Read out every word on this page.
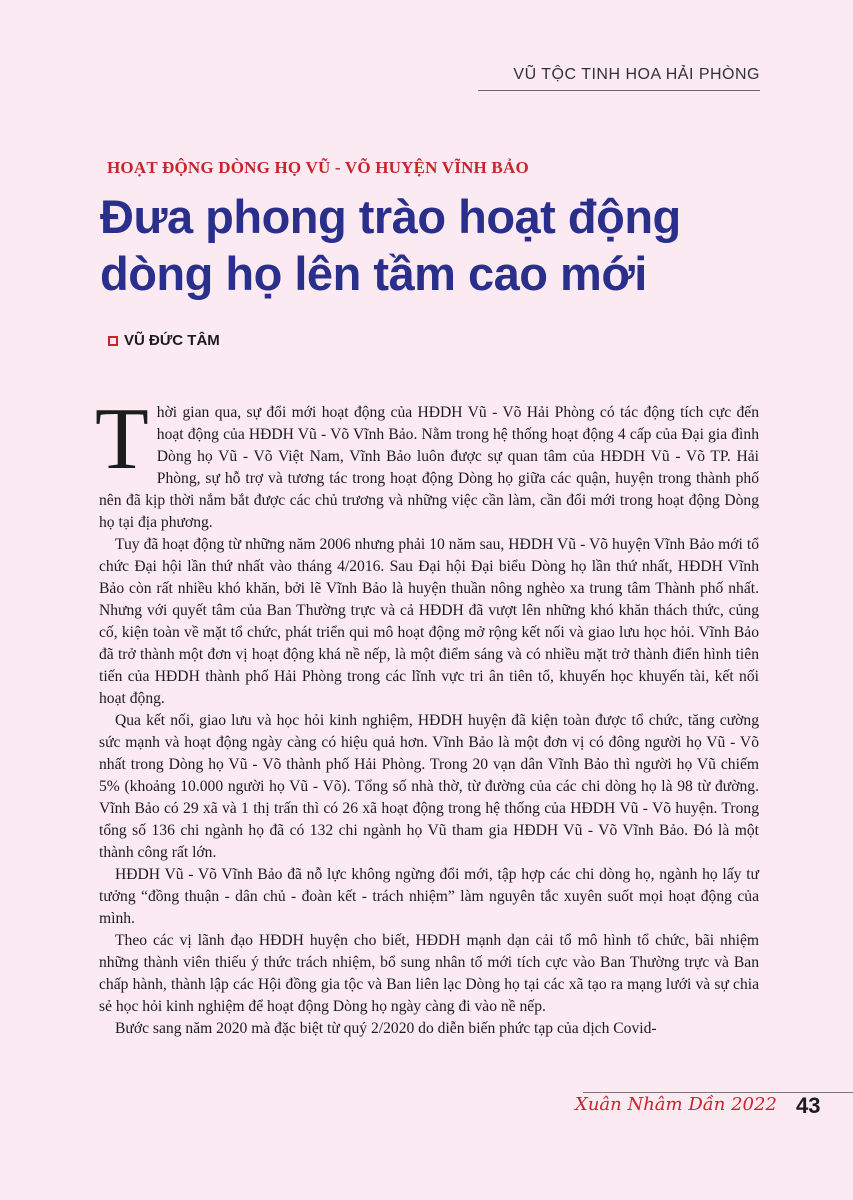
VŨ TỘC TINH HOA HẢI PHÒNG
HOẠT ĐỘNG DÒNG HỌ VŨ - VÕ HUYỆN VĨNH BẢO
Đưa phong trào hoạt động
dòng họ lên tầm cao mới
VŨ ĐỨC TÂM

Thời gian qua, sự đổi mới hoạt động của HĐDH Vũ - Võ Hải Phòng có tác động tích cực đến hoạt động của HĐDH Vũ - Võ Vĩnh Bảo. Nằm trong hệ thống hoạt động 4 cấp của Đại gia đình Dòng họ Vũ - Võ Việt Nam, Vĩnh Bảo luôn được sự quan tâm của HĐDH Vũ - Võ TP. Hải Phòng, sự hỗ trợ và tương tác trong hoạt động Dòng họ giữa các quận, huyện trong thành phố nên đã kịp thời nắm bắt được các chủ trương và những việc cần làm, cần đổi mới trong hoạt động Dòng họ tại địa phương.

Tuy đã hoạt động từ những năm 2006 nhưng phải 10 năm sau, HĐDH Vũ - Võ huyện Vĩnh Bảo mới tổ chức Đại hội lần thứ nhất vào tháng 4/2016. Sau Đại hội Đại biểu Dòng họ lần thứ nhất, HĐDH Vĩnh Bảo còn rất nhiều khó khăn, bởi lẽ Vĩnh Bảo là huyện thuần nông nghèo xa trung tâm Thành phố nhất. Nhưng với quyết tâm của Ban Thường trực và cả HĐDH đã vượt lên những khó khăn thách thức, củng cố, kiện toàn về mặt tổ chức, phát triển qui mô hoạt động mở rộng kết nối và giao lưu học hỏi. Vĩnh Bảo đã trở thành một đơn vị hoạt động khá nề nếp, là một điểm sáng và có nhiều mặt trở thành điển hình tiên tiến của HĐDH thành phố Hải Phòng trong các lĩnh vực tri ân tiên tổ, khuyến học khuyến tài, kết nối hoạt động.

Qua kết nối, giao lưu và học hỏi kinh nghiệm, HĐDH huyện đã kiện toàn được tổ chức, tăng cường sức mạnh và hoạt động ngày càng có hiệu quả hơn. Vĩnh Bảo là một đơn vị có đông người họ Vũ - Võ nhất trong Dòng họ Vũ - Võ thành phố Hải Phòng. Trong 20 vạn dân Vĩnh Bảo thì người họ Vũ chiếm 5% (khoảng 10.000 người họ Vũ - Võ). Tổng số nhà thờ, từ đường của các chi dòng họ là 98 từ đường. Vĩnh Bảo có 29 xã và 1 thị trấn thì có 26 xã hoạt động trong hệ thống của HĐDH Vũ - Võ huyện. Trong tổng số 136 chi ngành họ đã có 132 chi ngành họ Vũ tham gia HĐDH Vũ - Võ Vĩnh Bảo. Đó là một thành công rất lớn.

HĐDH Vũ - Võ Vĩnh Bảo đã nỗ lực không ngừng đổi mới, tập hợp các chi dòng họ, ngành họ lấy tư tưởng “đồng thuận - dân chủ - đoàn kết - trách nhiệm” làm nguyên tắc xuyên suốt mọi hoạt động của mình.

Theo các vị lãnh đạo HĐDH huyện cho biết, HĐDH mạnh dạn cải tổ mô hình tổ chức, bãi nhiệm những thành viên thiếu ý thức trách nhiệm, bổ sung nhân tố mới tích cực vào Ban Thường trực và Ban chấp hành, thành lập các Hội đồng gia tộc và Ban liên lạc Dòng họ tại các xã tạo ra mạng lưới và sự chia sẻ học hỏi kinh nghiệm để hoạt động Dòng họ ngày càng đi vào nề nếp.

Bước sang năm 2020 mà đặc biệt từ quý 2/2020 do diễn biến phức tạp của dịch Covid-

Xuân Nhâm Dần 2022 43
